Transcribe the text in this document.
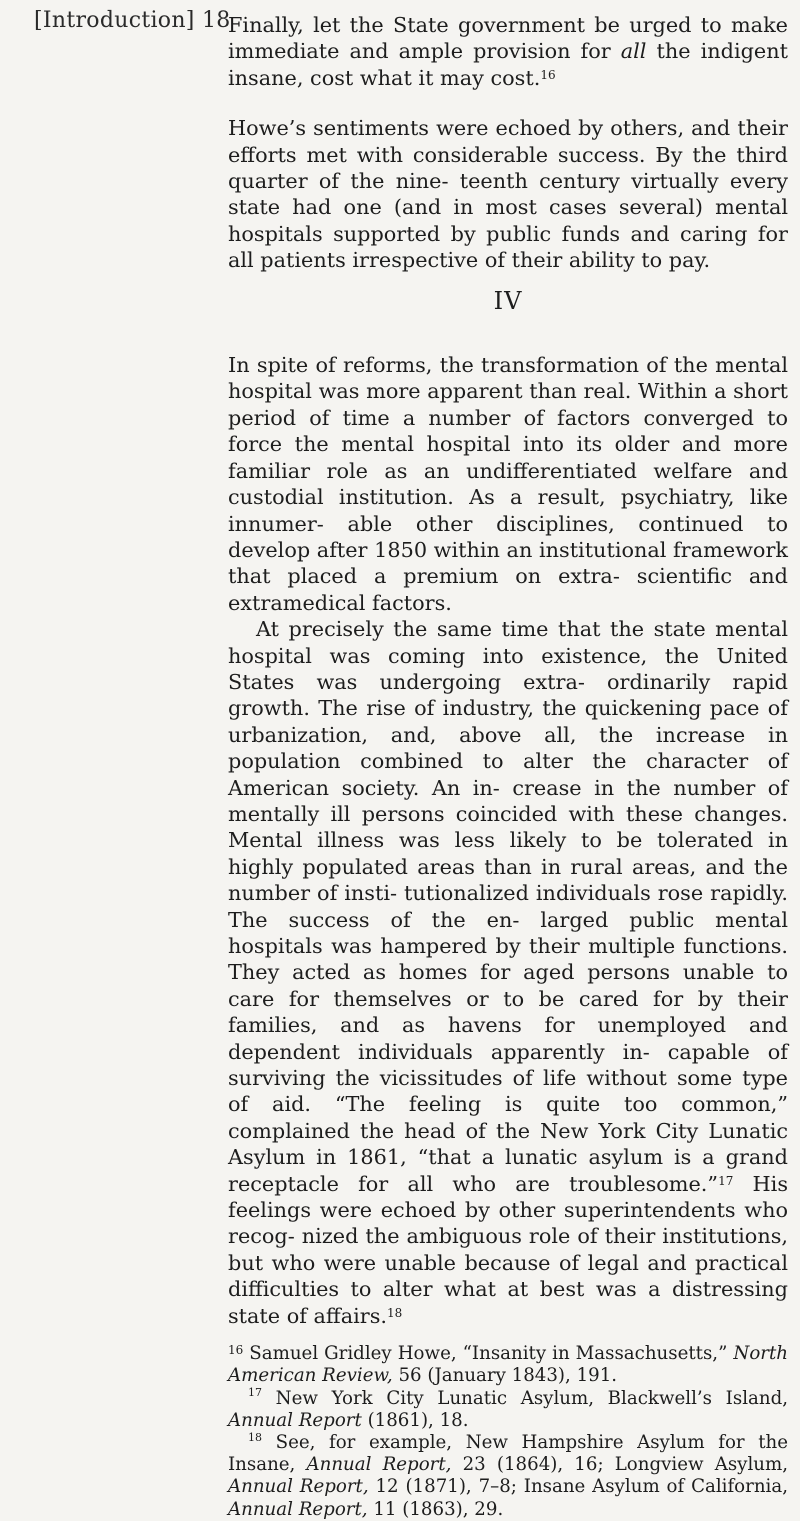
[Introduction] 18

Finally, let the State government be urged to make immediate and ample provision for all the indigent insane, cost what it may cost.$^{16}$

Howe’s sentiments were echoed by others, and their efforts met with considerable success. By the third quarter of the nine- teenth century virtually every state had one (and in most cases several) mental hospitals supported by public funds and caring for all patients irrespective of their ability to pay.

IV

In spite of reforms, the transformation of the mental hospital was more apparent than real. Within a short period of time a number of factors converged to force the mental hospital into its older and more familiar role as an undifferentiated welfare and custodial institution. As a result, psychiatry, like innumer- able other disciplines, continued to develop after 1850 within an institutional framework that placed a premium on extra- scientific and extramedical factors.

At precisely the same time that the state mental hospital was coming into existence, the United States was undergoing extra- ordinarily rapid growth. The rise of industry, the quickening pace of urbanization, and, above all, the increase in population combined to alter the character of American society. An in- crease in the number of mentally ill persons coincided with these changes. Mental illness was less likely to be tolerated in highly populated areas than in rural areas, and the number of insti- tutionalized individuals rose rapidly. The success of the en- larged public mental hospitals was hampered by their multiple functions. They acted as homes for aged persons unable to care for themselves or to be cared for by their families, and as havens for unemployed and dependent individuals apparently in- capable of surviving the vicissitudes of life without some type of aid. “The feeling is quite too common,” complained the head of the New York City Lunatic Asylum in 1861, “that a lunatic asylum is a grand receptacle for all who are troublesome.”$^{17}$ His feelings were echoed by other superintendents who recog- nized the ambiguous role of their institutions, but who were unable because of legal and practical difficulties to alter what at best was a distressing state of affairs.$^{18}$

$^{16}$ Samuel Gridley Howe, “Insanity in Massachusetts,” North American Review, 56 (January 1843), 191.

$^{17}$ New York City Lunatic Asylum, Blackwell’s Island, Annual Report (1861), 18.

$^{18}$ See, for example, New Hampshire Asylum for the Insane, Annual Report, 23 (1864), 16; Longview Asylum, Annual Report, 12 (1871), 7–8; Insane Asylum of California, Annual Report, 11 (1863), 29.
